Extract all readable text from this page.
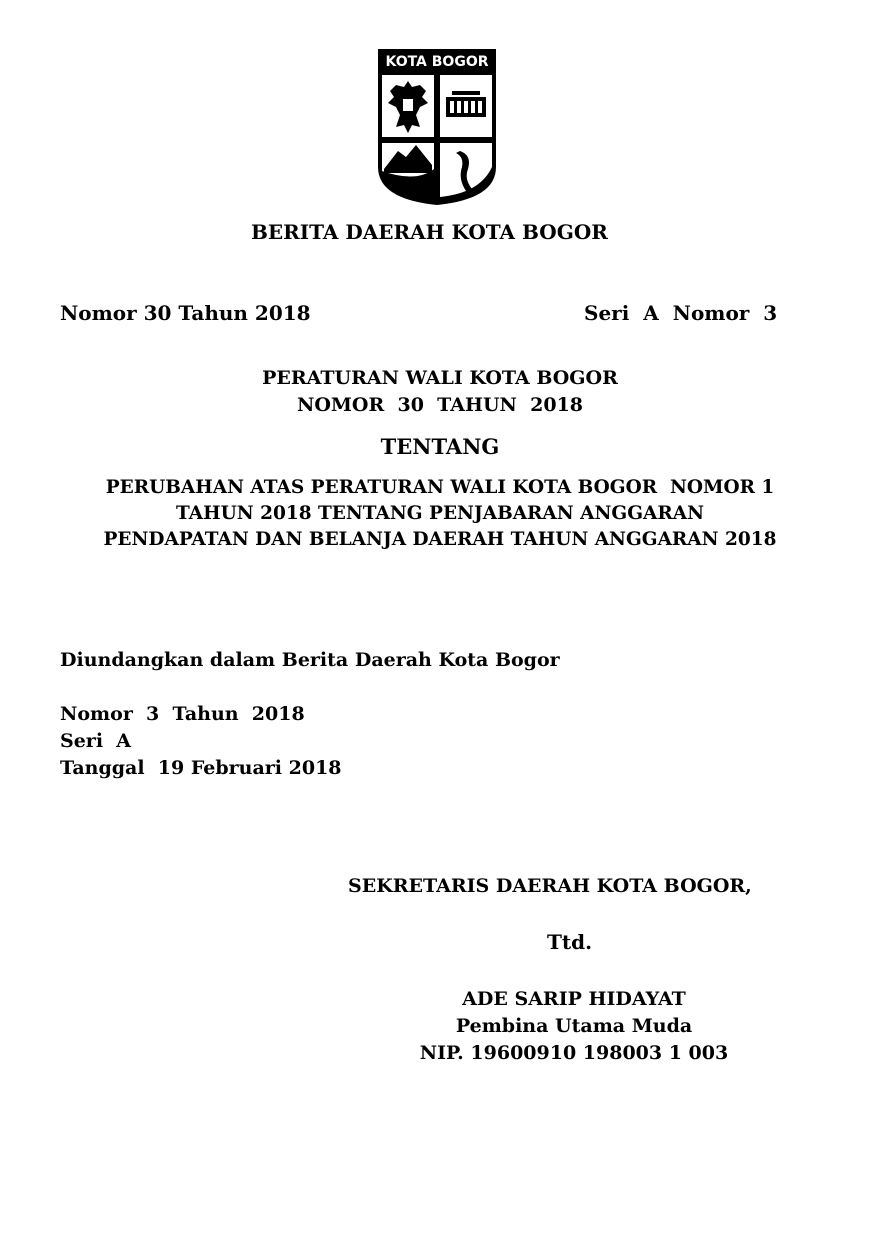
KOTA BOGOR
BERITA DAERAH KOTA BOGOR
Nomor 30 Tahun 2018	Seri  A  Nomor  3
PERATURAN WALI KOTA BOGOR
NOMOR  30  TAHUN  2018
TENTANG
PERUBAHAN ATAS PERATURAN WALI KOTA BOGOR  NOMOR 1
TAHUN 2018 TENTANG PENJABARAN ANGGARAN
PENDAPATAN DAN BELANJA DAERAH TAHUN ANGGARAN 2018
Diundangkan dalam Berita Daerah Kota Bogor
Nomor  3  Tahun  2018
Seri  A
Tanggal  19 Februari 2018
SEKRETARIS DAERAH KOTA BOGOR,
Ttd.
ADE SARIP HIDAYAT
Pembina Utama Muda
NIP. 19600910 198003 1 003
